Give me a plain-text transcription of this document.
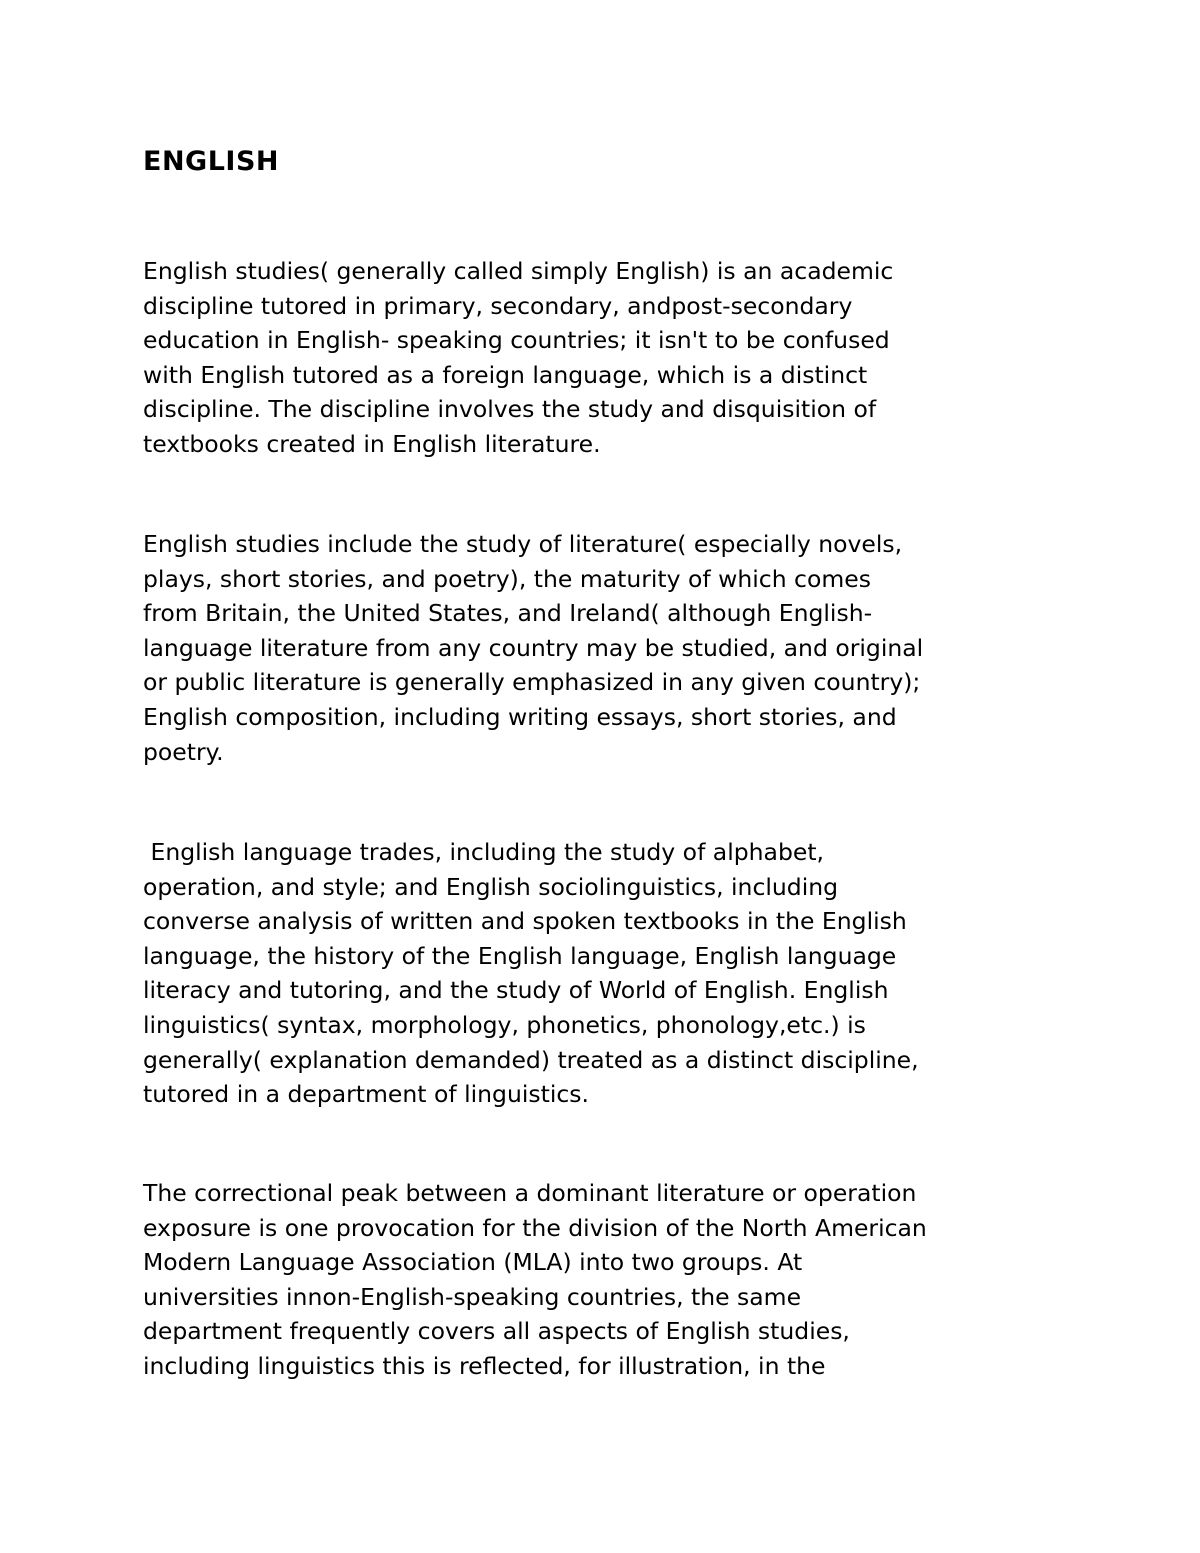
ENGLISH

English studies( generally called simply English) is an academic
discipline tutored in primary, secondary, andpost-secondary
education in English- speaking countries; it isn't to be confused
with English tutored as a foreign language, which is a distinct
discipline. The discipline involves the study and disquisition of
textbooks created in English literature.

English studies include the study of literature( especially novels,
plays, short stories, and poetry), the maturity of which comes
from Britain, the United States, and Ireland( although English-
language literature from any country may be studied, and original
or public literature is generally emphasized in any given country);
English composition, including writing essays, short stories, and
poetry.

English language trades, including the study of alphabet,
operation, and style; and English sociolinguistics, including
converse analysis of written and spoken textbooks in the English
language, the history of the English language, English language
literacy and tutoring, and the study of World of English. English
linguistics( syntax, morphology, phonetics, phonology,etc.) is
generally( explanation demanded) treated as a distinct discipline,
tutored in a department of linguistics.

The correctional peak between a dominant literature or operation
exposure is one provocation for the division of the North American
Modern Language Association (MLA) into two groups. At
universities innon-English-speaking countries, the same
department frequently covers all aspects of English studies,
including linguistics this is reflected, for illustration, in the
